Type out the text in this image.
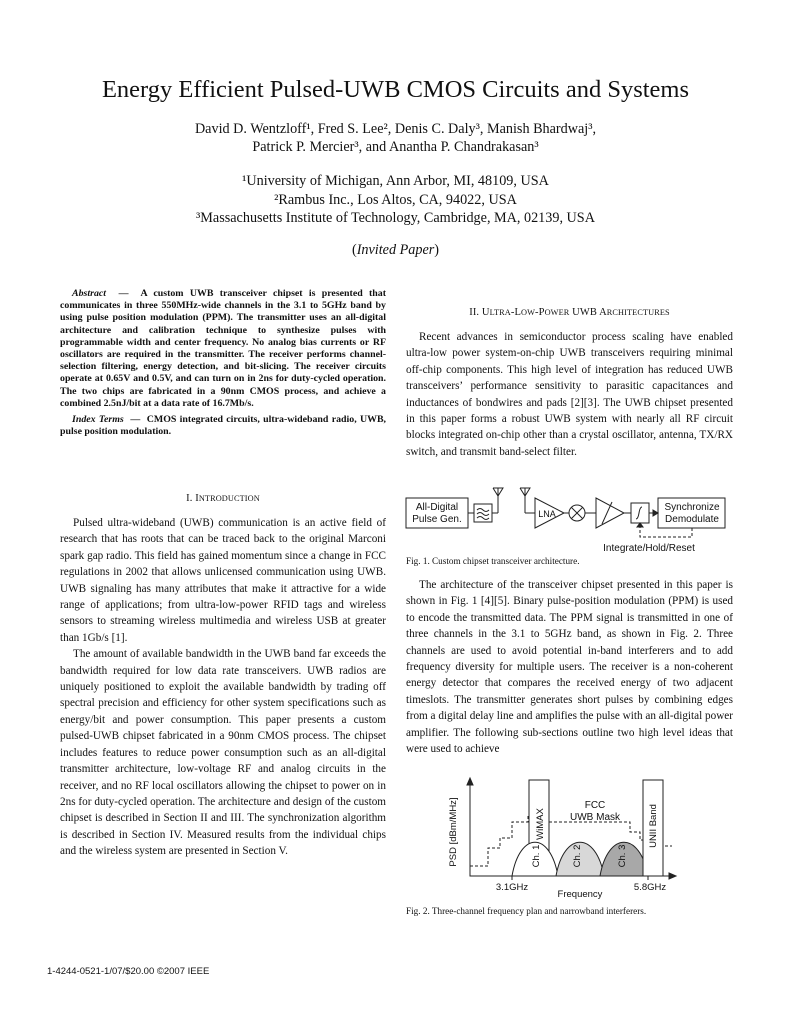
Energy Efficient Pulsed-UWB CMOS Circuits and Systems
David D. Wentzloff¹, Fred S. Lee², Denis C. Daly³, Manish Bhardwaj³,
Patrick P. Mercier³, and Anantha P. Chandrakasan³
¹University of Michigan, Ann Arbor, MI, 48109, USA
²Rambus Inc., Los Altos, CA, 94022, USA
³Massachusetts Institute of Technology, Cambridge, MA, 02139, USA
(Invited Paper)
Abstract  —  A custom UWB transceiver chipset is presented that communicates in three 550MHz-wide channels in the 3.1 to 5GHz band by using pulse position modulation (PPM). The transmitter uses an all-digital architecture and calibration technique to synthesize pulses with programmable width and center frequency. No analog bias currents or RF oscillators are required in the transmitter. The receiver performs channel-selection filtering, energy detection, and bit-slicing. The receiver circuits operate at 0.65V and 0.5V, and can turn on in 2ns for duty-cycled operation. The two chips are fabricated in a 90nm CMOS process, and achieve a combined 2.5nJ/bit at a data rate of 16.7Mb/s.
Index Terms  —  CMOS integrated circuits, ultra-wideband radio, UWB, pulse position modulation.
I. INTRODUCTION

Pulsed ultra-wideband (UWB) communication is an active field of research that has roots that can be traced back to the original Marconi spark gap radio. This field has gained momentum since a change in FCC regulations in 2002 that allows unlicensed communication using UWB. UWB signaling has many attributes that make it attractive for a wide range of applications; from ultra-low-power RFID tags and wireless sensors to streaming wireless multimedia and wireless USB at greater than 1Gb/s [1].

The amount of available bandwidth in the UWB band far exceeds the bandwidth required for low data rate transceivers. UWB radios are uniquely positioned to exploit the available bandwidth by trading off spectral precision and efficiency for other system specifications such as energy/bit and power consumption. This paper presents a custom pulsed-UWB chipset fabricated in a 90nm CMOS process. The chipset includes features to reduce power consumption such as an all-digital transmitter architecture, low-voltage RF and analog circuits in the receiver, and no RF local oscillators allowing the chipset to power on in 2ns for duty-cycled operation. The architecture and design of the custom chipset is described in Section II and III. The synchronization algorithm is described in Section IV. Measured results from the individual chips and the wireless system are presented in Section V.

II. ULTRA-LOW-POWER UWB ARCHITECTURES

Recent advances in semiconductor process scaling have enabled ultra-low power system-on-chip UWB transceivers requiring minimal off-chip components. This high level of integration has reduced UWB transceivers’ performance sensitivity to parasitic capacitances and inductances of bondwires and pads [2][3]. The UWB chipset presented in this paper forms a robust UWB system with nearly all RF circuit blocks integrated on-chip other than a crystal oscillator, antenna, TX/RX switch, and transmit band-select filter.

All-Digital
Pulse Gen.	LNA
Synchronize
Demodulate
Integrate/Hold/Reset
Fig. 1. Custom chipset transceiver architecture.

The architecture of the transceiver chipset presented in this paper is shown in Fig. 1 [4][5]. Binary pulse-position modulation (PPM) is used to encode the transmitted data. The PPM signal is transmitted in one of three channels in the 3.1 to 5GHz band, as shown in Fig. 2. Three channels are used to avoid potential in-band interferers and to add frequency diversity for multiple users. The receiver is a non-coherent energy detector that compares the received energy of two adjacent timeslots. The transmitter generates short pulses by combining edges from a digital delay line and amplifies the pulse with an all-digital power amplifier. The following sub-sections outline two high level ideas that were used to achieve

PSD [dBm/MHz]	WiMAX	UNII Band
FCC
UWB Mask
Ch. 1	Ch. 2	Ch. 3
3.1GHz	5.8GHz
Frequency
Fig. 2. Three-channel frequency plan and narrowband interferers.
1-4244-0521-1/07/$20.00 ©2007 IEEE
